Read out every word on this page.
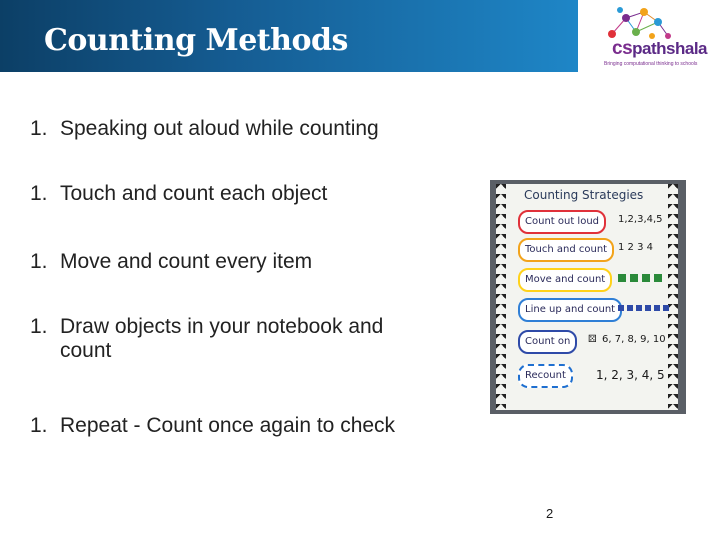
Counting Methods	cspathshala
Bringing computational thinking to schools
1. Speaking out aloud while counting
1. Touch and count each object
1. Move and count every item
1. Draw objects in your notebook and count
1. Repeat - Count once again to check
Counting Strategies
Count out loud	1,2,3,4,5
Touch and count	1 2 3 4
Move and count
Line up and count
Count on	⚄ 6, 7, 8, 9, 10
Recount	1, 2, 3, 4, 5
2
